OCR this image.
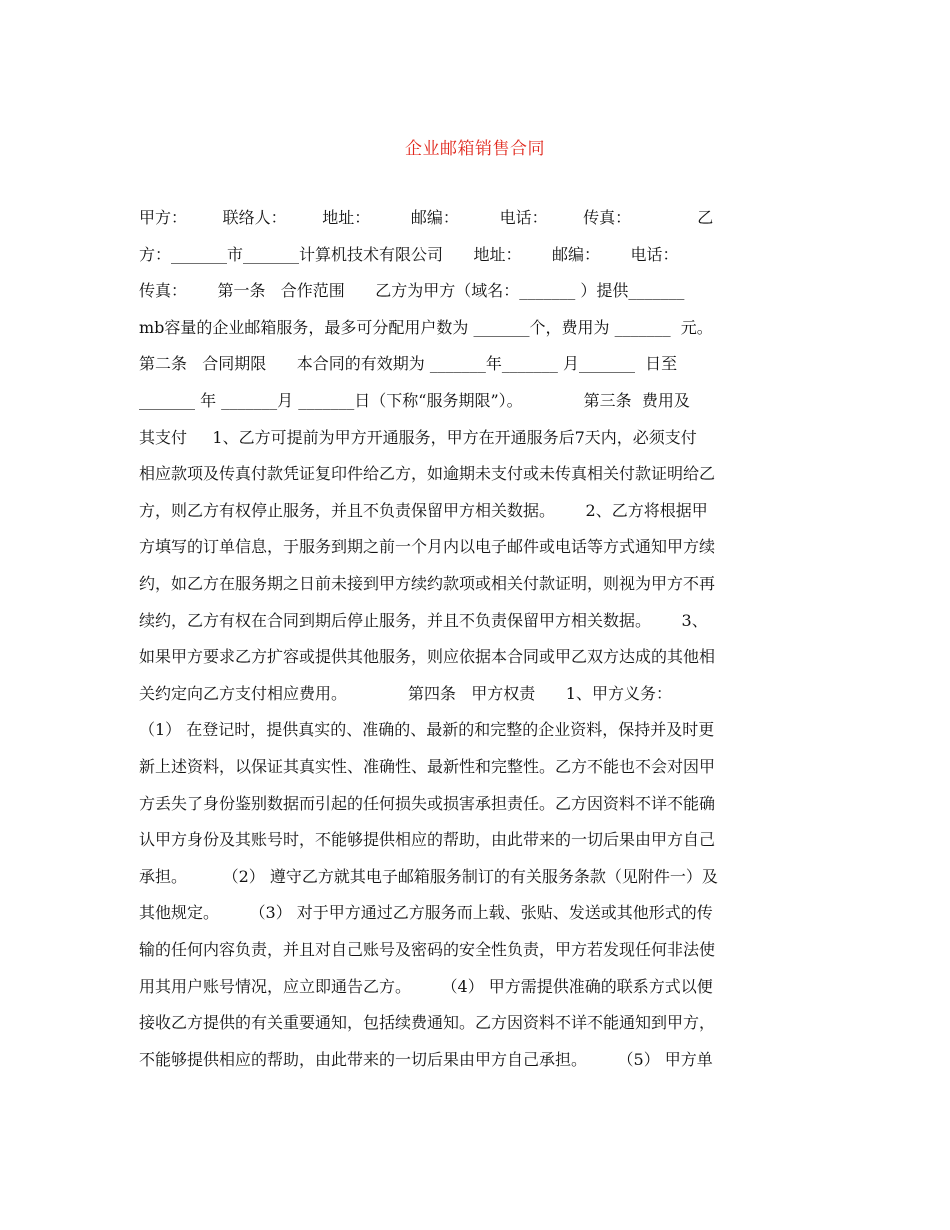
企业邮箱销售合同
甲方：       联络人：       地址：        邮编：        电话：       传真：             乙
方：_______市_______计算机技术有限公司      地址：      邮编：      电话：
传真：      第一条   合作范围      乙方为甲方（域名：_______ ）提供_______
mb容量的企业邮箱服务，最多可分配用户数为 _______个，费用为 _______  元。
第二条   合同期限      本合同的有效期为 _______年_______ 月_______  日至
_______ 年 _______月 _______日（下称“服务期限”）。            第三条  费用及
其支付     1、乙方可提前为甲方开通服务，甲方在开通服务后7天内，必须支付
相应款项及传真付款凭证复印件给乙方，如逾期未支付或未传真相关付款证明给乙
方，则乙方有权停止服务，并且不负责保留甲方相关数据。      2、乙方将根据甲
方填写的订单信息，于服务到期之前一个月内以电子邮件或电话等方式通知甲方续
约，如乙方在服务期之日前未接到甲方续约款项或相关付款证明，则视为甲方不再
续约，乙方有权在合同到期后停止服务，并且不负责保留甲方相关数据。      3、
如果甲方要求乙方扩容或提供其他服务，则应依据本合同或甲乙双方达成的其他相
关约定向乙方支付相应费用。            第四条   甲方权责      1、甲方义务：
（1） 在登记时，提供真实的、准确的、最新的和完整的企业资料，保持并及时更
新上述资料，以保证其真实性、准确性、最新性和完整性。乙方不能也不会对因甲
方丢失了身份鉴别数据而引起的任何损失或损害承担责任。乙方因资料不详不能确
认甲方身份及其账号时，不能够提供相应的帮助，由此带来的一切后果由甲方自己
承担。       （2） 遵守乙方就其电子邮箱服务制订的有关服务条款（见附件一）及
其他规定。      （3） 对于甲方通过乙方服务而上载、张贴、发送或其他形式的传
输的任何内容负责，并且对自己账号及密码的安全性负责，甲方若发现任何非法使
用其用户账号情况，应立即通告乙方。      （4） 甲方需提供准确的联系方式以便
接收乙方提供的有关重要通知，包括续费通知。乙方因资料不详不能通知到甲方，
不能够提供相应的帮助，由此带来的一切后果由甲方自己承担。      （5） 甲方单
